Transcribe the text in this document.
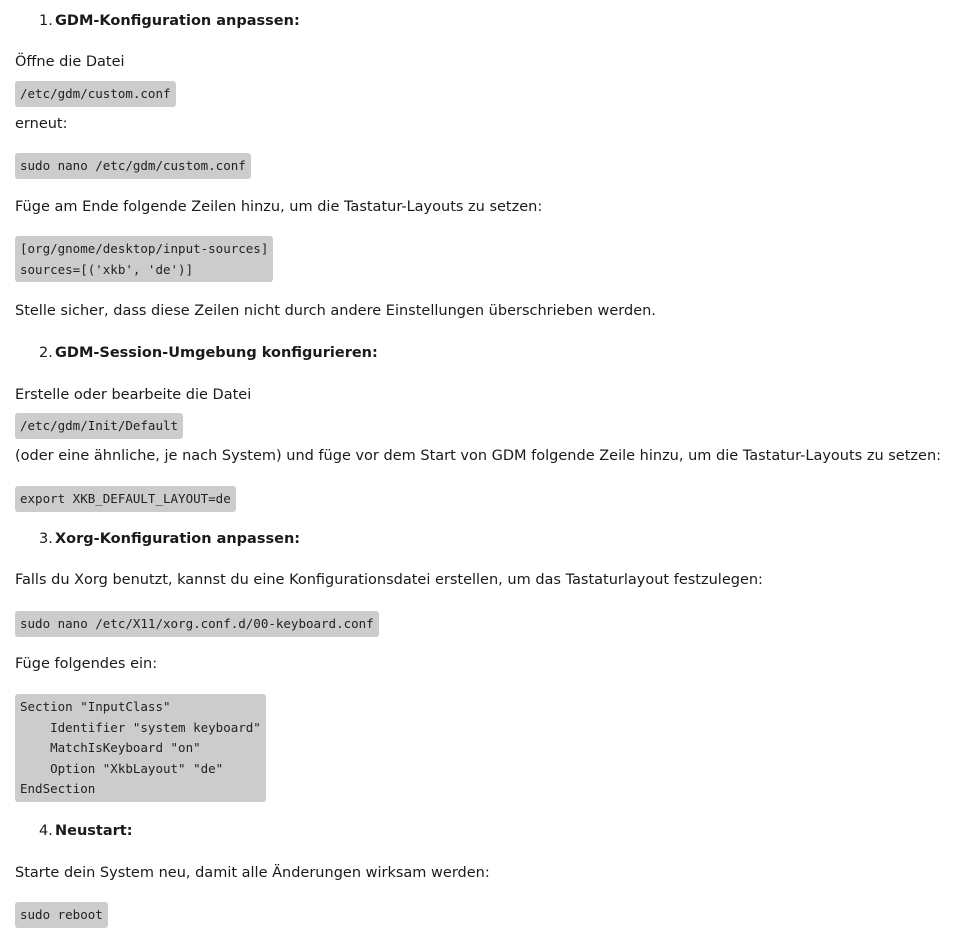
1. GDM-Konfiguration anpassen:
Öffne die Datei
/etc/gdm/custom.conf
erneut:
sudo nano /etc/gdm/custom.conf
Füge am Ende folgende Zeilen hinzu, um die Tastatur-Layouts zu setzen:
[org/gnome/desktop/input-sources]
sources=[('xkb', 'de')]
Stelle sicher, dass diese Zeilen nicht durch andere Einstellungen überschrieben werden.
2. GDM-Session-Umgebung konfigurieren:
Erstelle oder bearbeite die Datei
/etc/gdm/Init/Default
(oder eine ähnliche, je nach System) und füge vor dem Start von GDM folgende Zeile hinzu, um die Tastatur-Layouts zu setzen:
export XKB_DEFAULT_LAYOUT=de
3. Xorg-Konfiguration anpassen:
Falls du Xorg benutzt, kannst du eine Konfigurationsdatei erstellen, um das Tastaturlayout festzulegen:
sudo nano /etc/X11/xorg.conf.d/00-keyboard.conf
Füge folgendes ein:
Section "InputClass"
Identifier "system keyboard"
MatchIsKeyboard "on"
Option "XkbLayout" "de"
EndSection
4. Neustart:
Starte dein System neu, damit alle Änderungen wirksam werden:
sudo reboot
